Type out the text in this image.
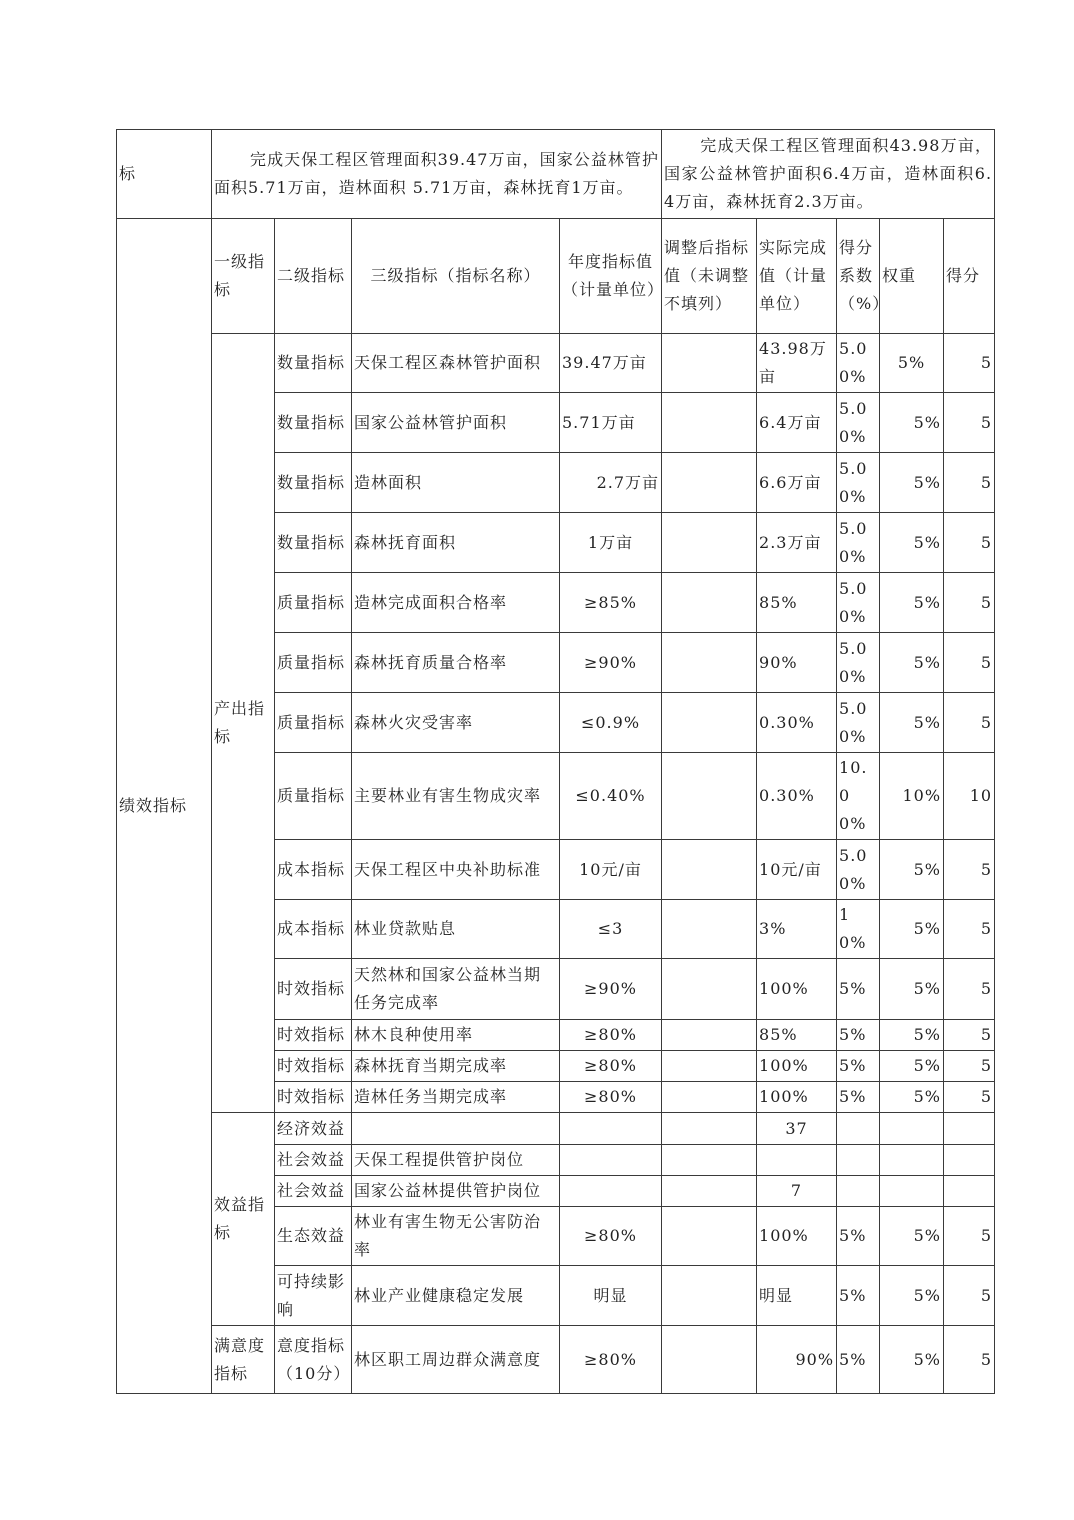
标	完成天保工程区管理面积39.47万亩，国家公益林管护面积5.71万亩，造林面积 5.71万亩，森林抚育1万亩。				完成天保工程区管理面积43.98万亩，国家公益林管护面积6.4万亩，造林面积6.4万亩，森林抚育2.3万亩。				
绩效指标	一级指标	二级指标	三级指标（指标名称）	年度指标值（计量单位）	调整后指标值（未调整不填列）	实际完成值（计量单位）	得分系数（%）	权重	得分
	产出指标	数量指标	天保工程区森林管护面积	39.47万亩		43.98万亩	5.00%	5%	5
		数量指标	国家公益林管护面积	5.71万亩		6.4万亩	5.00%	5%	5
		数量指标	造林面积	2.7万亩		6.6万亩	5.00%	5%	5
		数量指标	森林抚育面积	1万亩		2.3万亩	5.00%	5%	5
		质量指标	造林完成面积合格率	≥85%		85%	5.00%	5%	5
		质量指标	森林抚育质量合格率	≥90%		90%	5.00%	5%	5
		质量指标	森林火灾受害率	≤0.9%		0.30%	5.00%	5%	5
		质量指标	主要林业有害生物成灾率	≤0.40%		0.30%	10.00%	10%	10
		成本指标	天保工程区中央补助标准	10元/亩		10元/亩	5.00%	5%	5
		成本指标	林业贷款贴息	≤3		3%	10%	5%	5
		时效指标	天然林和国家公益林当期任务完成率	≥90%		100%	5%	5%	5
		时效指标	林木良种使用率	≥80%		85%	5%	5%	5
		时效指标	森林抚育当期完成率	≥80%		100%	5%	5%	5
		时效指标	造林任务当期完成率	≥80%		100%	5%	5%	5
	效益指标	经济效益				37			
		社会效益	天保工程提供管护岗位						
		社会效益	国家公益林提供管护岗位			7			
		生态效益	林业有害生物无公害防治率	≥80%		100%	5%	5%	5
		可持续影响	林业产业健康稳定发展	明显		明显	5%	5%	5
	满意度指标	意度指标（10分）	林区职工周边群众满意度	≥80%		90%	5%	5%	5
